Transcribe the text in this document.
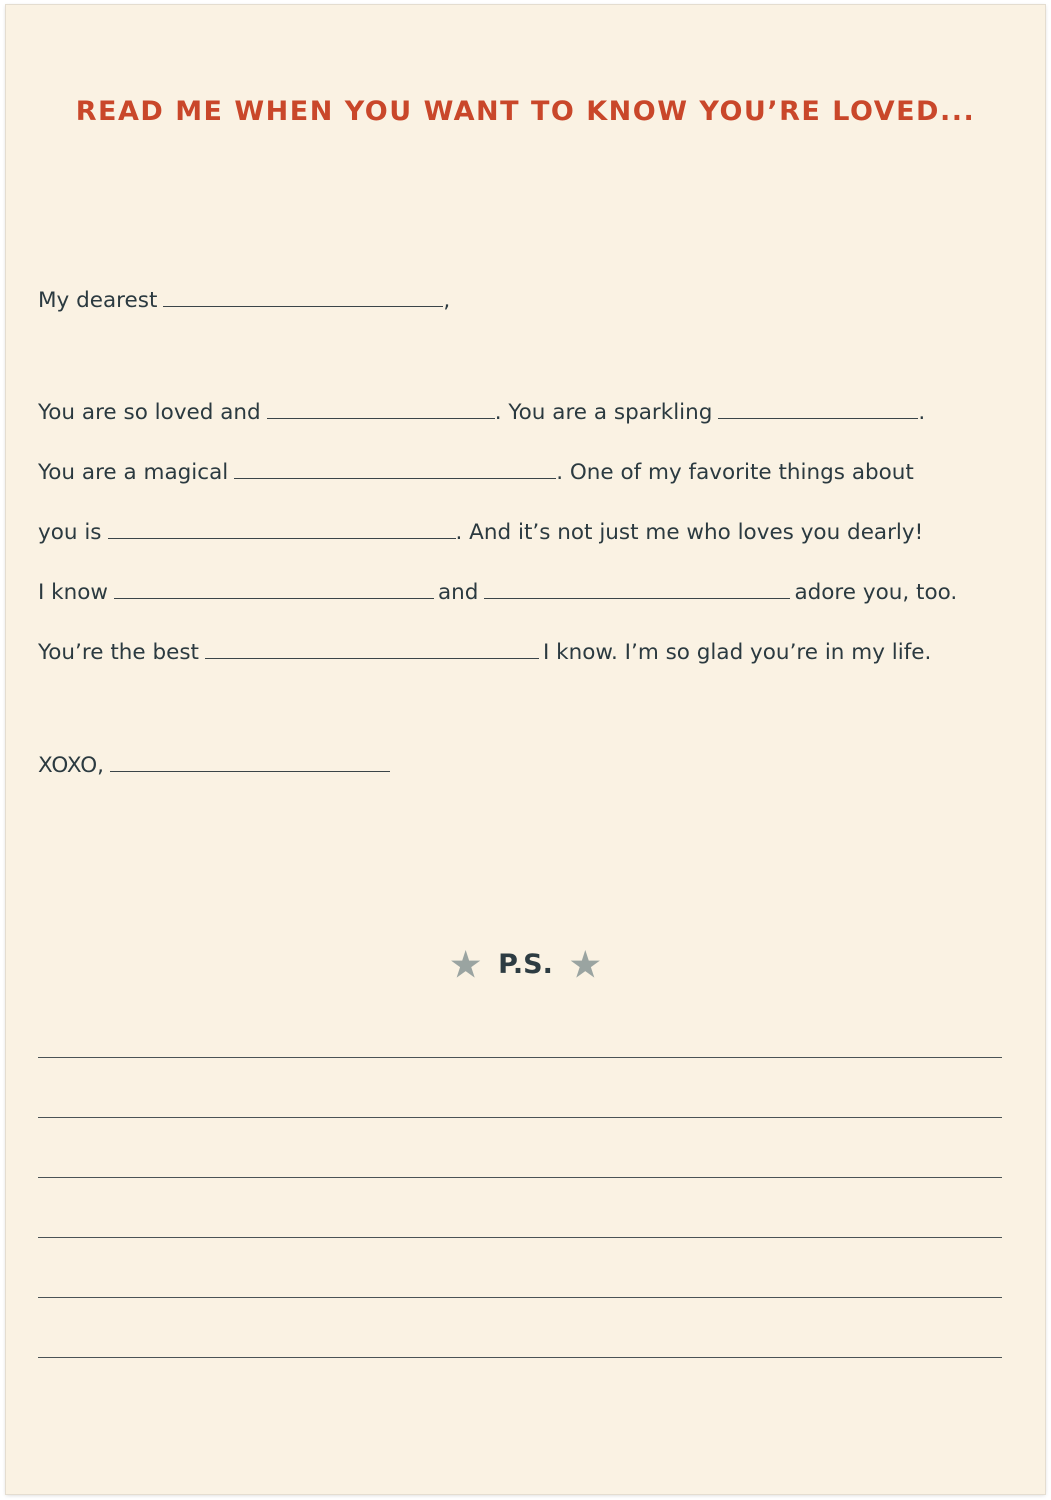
READ ME WHEN YOU WANT TO KNOW YOU’RE LOVED...
My dearest	,
You are so loved and	. You are a sparkling	.
You are a magical	. One of my favorite things about
you is	. And it’s not just me who loves you dearly!
I know	and	adore you, too.
You’re the best	I know. I’m so glad you’re in my life.
XOXO,
★ P.S. ★
